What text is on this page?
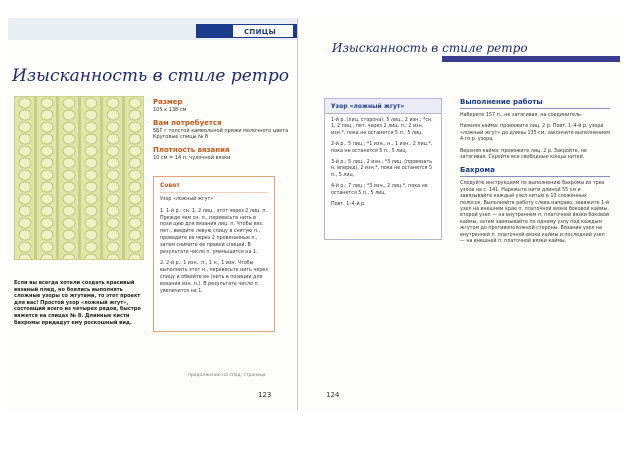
СПИЦЫ
Изысканность в стиле ретро
Размер
105 х 138 см
Вам потребуется
5БГ г толстой камвольной пряжи молочного цвета Круговые спицы № 8
Плотность вязания
10 см = 14 п. чулочной вязки
Совет
Узор «ложный жгут»
1. 1-й р.: сн. 1, 2 лиц., этот через 2 лиц. п. Прежде чем сн. п., перевесьте нить в пози цию для вязания лиц. п. Чтобы вяз. пет., введите левую спицу в снятую п., проведите ее через 2 провязанные п., затем снимите ее правой спицей. В результате число п. уменьшится на 1.
2. 2-й р.: 1 изн., п., 1 н., 1 изн. Чтобы выполнить этот н., перевесьте нить через спицу и обвейте ее (нить в позиции для вязания изн. п.). В результате число п. увеличится на 1.
Если вы всегда хотели создать красивый вязаный плед, но боялись выполнять сложные узоры со жгутами, то этот проект для вас! Простой узор «ложный жгут», состоящий всего из четырех рядов, быстро вяжется на спицах № 8. Длинные кисти бахромы придадут ему роскошный вид.
продолжение на след. странице
123
Изысканность в стиле ретро
Узор «ложный жгут»
1-й р. (лиц. сторона): 5 лиц., 2 изн.; *сн. 1, 2 лиц., пет. через 2 лиц. п.; 2 изн. изн.*, пока не останется 5 п., 5 лиц.
2-й р.: 5 лиц.; *1 изн., н., 1 изн., 2 лиц.*, пока не останется 5 п., 5 лиц.
3-й р.: 5 лиц., 2 изн.; *3 лиц. (провязать н. вперед), 2 изн.*, пока не останется 5 п., 5 лиц.
4-й р.: 7 лиц.; *3 изн., 2 лиц.*, пока не останется 5 п., 5 лиц.
Повт. 1–4-й р.
Выполнение работы
Наберите 157 п., не затягивая, на соединитель.
Нижняя кайма: провяжите лиц. 2 р. Повт. 1–4-й р. узора «ложный жгут» до длины 135 см, закончите выполнением 4-го р. узора.
Верхняя кайма: провяжите лиц. 2 р. Закройте, не затягивая. Скройте все свободные концы нитей.
Бахрома
Следуйте инструкциям по выполнению бахромы из трех узлов на с. 141. Нарежьте нити длиной 55 см и завязывайте каждый узел нитью в 10 сложенных полосок. Выполняйте работу слева направо, завяжите 1-й узел на внешнем крае п. платочной вязки боковой каймы, второй узел — на внутреннем п. платочной вязки боковой каймы, затем завязывайте по одному узлу под каждым жгутом до противоположной стороны. Вязание узел на внутренней п. платочной вязки каймы и последний узел — на внешней п. платочной вязки каймы.
124
